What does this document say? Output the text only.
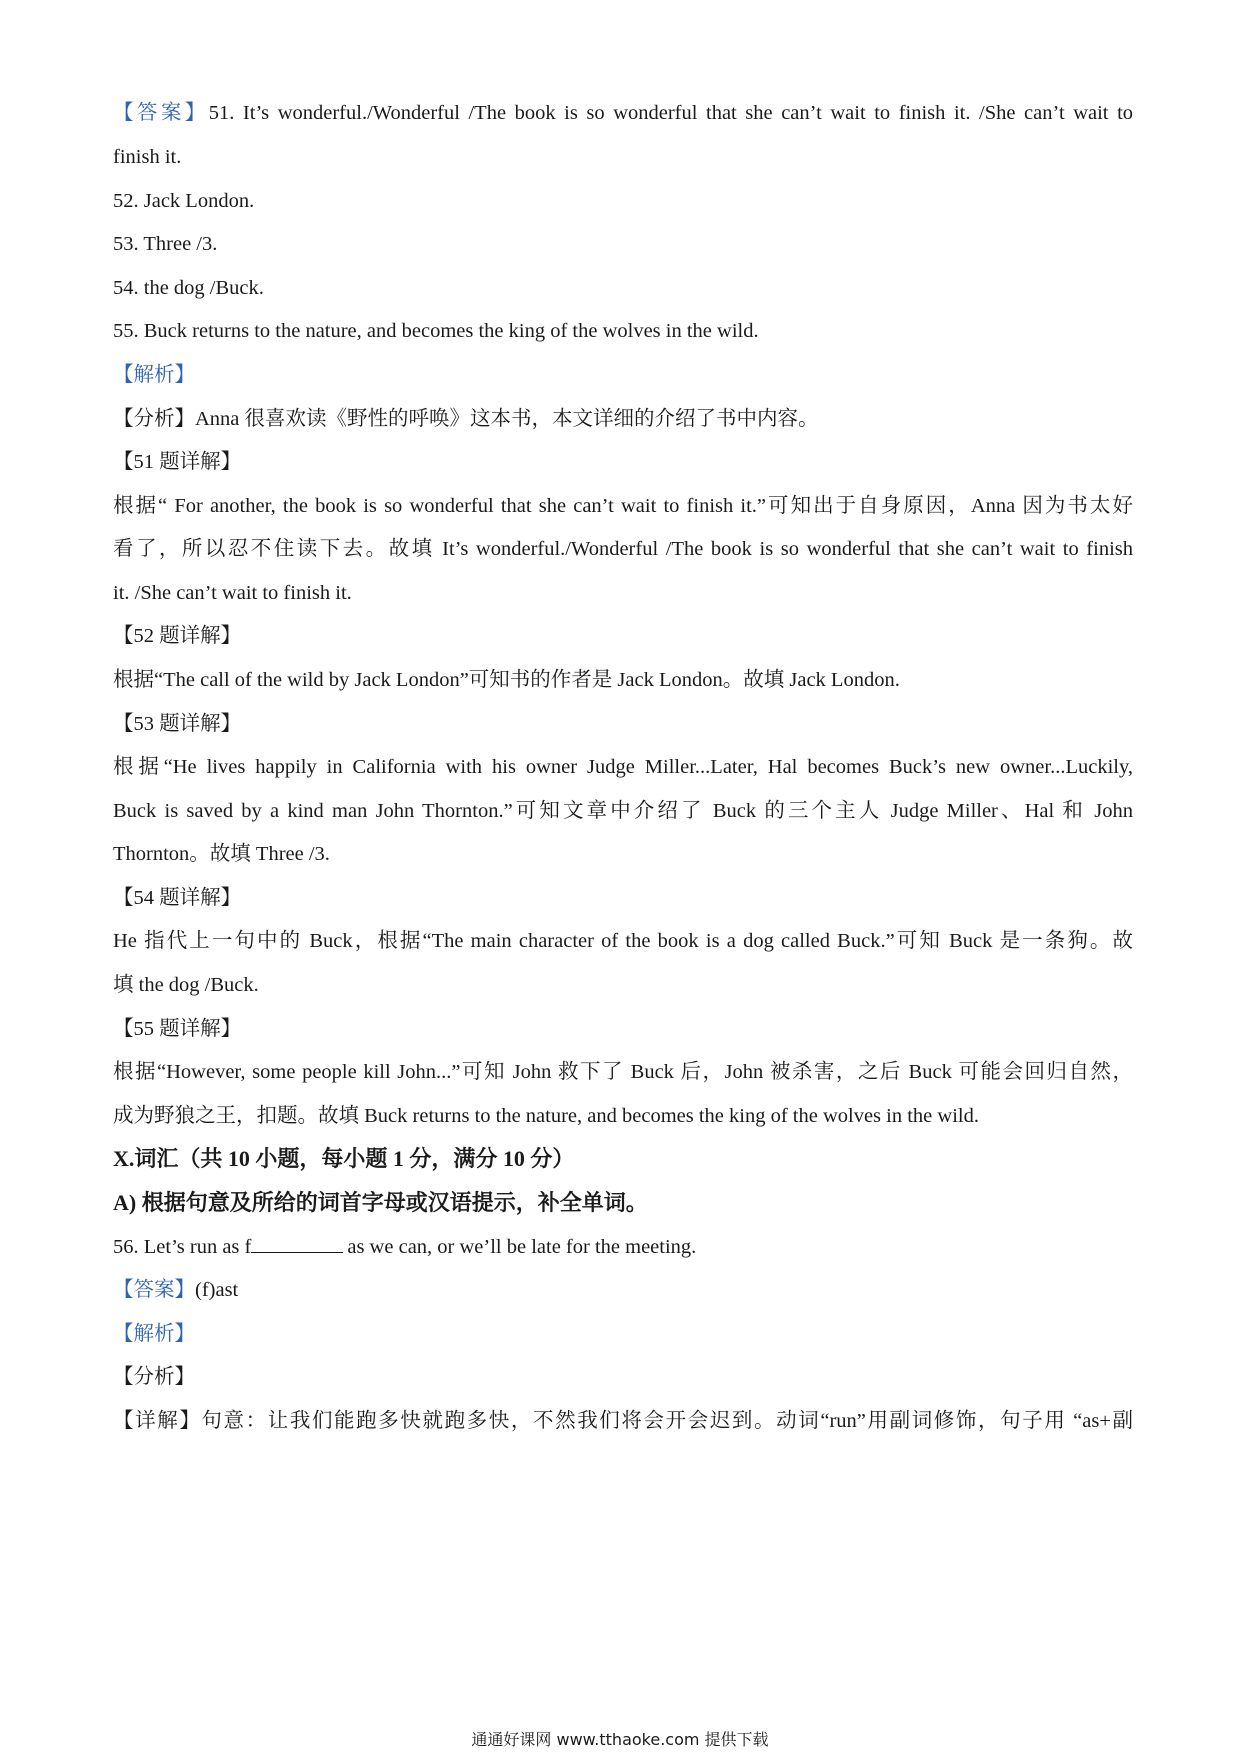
【答案】51. It’s wonderful./Wonderful /The book is so wonderful that she can’t wait to finish it. /She can’t wait to
finish it.
52. Jack London.
53. Three /3.
54. the dog /Buck.
55. Buck returns to the nature, and becomes the king of the wolves in the wild.
【解析】
【分析】Anna 很喜欢读《野性的呼唤》这本书，本文详细的介绍了书中内容。
【51 题详解】
根据“ For another, the book is so wonderful that she can’t wait to finish it.”可知出于自身原因，Anna 因为书太好
看了，所以忍不住读下去。故填 It’s wonderful./Wonderful /The book is so wonderful that she can’t wait to finish
it. /She can’t wait to finish it.
【52 题详解】
根据“The call of the wild by Jack London”可知书的作者是 Jack London。故填 Jack London.
【53 题详解】
根据“He lives happily in California with his owner Judge Miller...Later, Hal becomes Buck’s new owner...Luckily,
Buck is saved by a kind man John Thornton.”可知文章中介绍了 Buck 的三个主人 Judge Miller、Hal 和 John
Thornton。故填 Three /3.
【54 题详解】
He 指代上一句中的 Buck，根据“The main character of the book is a dog called Buck.”可知 Buck 是一条狗。故
填 the dog /Buck.
【55 题详解】
根据“However, some people kill John...”可知 John 救下了 Buck 后，John 被杀害，之后 Buck 可能会回归自然，
成为野狼之王，扣题。故填 Buck returns to the nature, and becomes the king of the wolves in the wild.
X.词汇（共 10 小题，每小题 1 分，满分 10 分）
A) 根据句意及所给的词首字母或汉语提示，补全单词。
56. Let’s run as f	as we can, or we’ll be late for the meeting.
【答案】(f)ast
【解析】
【分析】
【详解】句意：让我们能跑多快就跑多快，不然我们将会开会迟到。动词“run”用副词修饰，句子用 “as+副
通通好课网 www.tthaoke.com 提供下载
